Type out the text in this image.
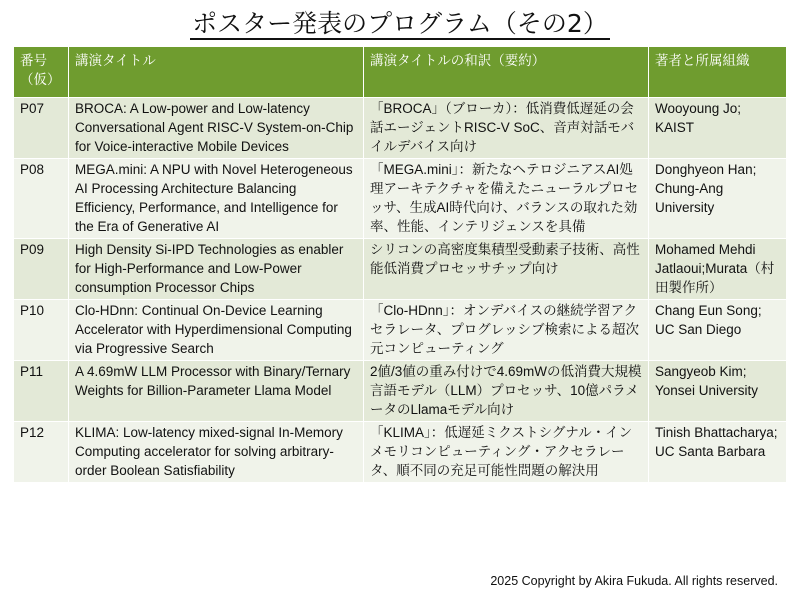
ポスター発表のプログラム（その2）
番号（仮）	講演タイトル	講演タイトルの和訳（要約）	著者と所属組織
P07	BROCA: A Low-power and Low-latency Conversational Agent RISC-V System-on-Chip for Voice-interactive Mobile Devices	「BROCA」（ブローカ）：低消費低遅延の会話エージェントRISC-V SoC、音声対話モバイルデバイス向け	Wooyoung Jo; KAIST
P08	MEGA.mini: A NPU with Novel Heterogeneous AI Processing Architecture Balancing Efficiency, Performance, and Intelligence for the Era of Generative AI	「MEGA.mini」：新たなヘテロジニアスAI処理アーキテクチャを備えたニューラルプロセッサ、生成AI時代向け、バランスの取れた効率、性能、インテリジェンスを具備	Donghyeon Han; Chung-Ang University
P09	High Density Si-IPD Technologies as enabler for High-Performance and Low-Power consumption Processor Chips	シリコンの高密度集積型受動素子技術、高性能低消費プロセッサチップ向け	Mohamed Mehdi Jatlaoui;Murata（村田製作所）
P10	Clo-HDnn: Continual On-Device Learning Accelerator with Hyperdimensional Computing via Progressive Search	「Clo-HDnn」：オンデバイスの継続学習アクセラレータ、プログレッシブ検索による超次元コンピューティング	Chang Eun Song; UC San Diego
P11	A 4.69mW LLM Processor with Binary/Ternary Weights for Billion-Parameter Llama Model	2値/3値の重み付けで4.69mWの低消費大規模言語モデル（LLM）プロセッサ、10億パラメータのLlamaモデル向け	Sangyeob Kim; Yonsei University
P12	KLIMA: Low-latency mixed-signal In-Memory Computing accelerator for solving arbitrary-order Boolean Satisfiability	「KLIMA」：低遅延ミクストシグナル・インメモリコンピューティング・アクセラレータ、順不同の充足可能性問題の解決用	Tinish Bhattacharya; UC Santa Barbara
2025 Copyright by Akira Fukuda. All rights reserved.
